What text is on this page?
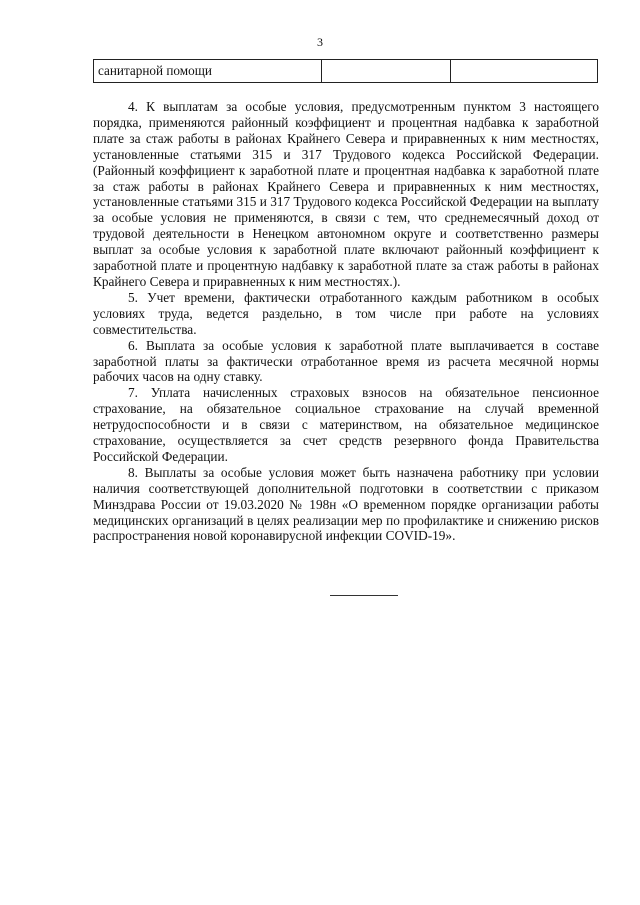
3
санитарной помощи		

4. К выплатам за особые условия, предусмотренным пунктом 3 настоящего порядка, применяются районный коэффициент и процентная надбавка к заработной плате за стаж работы в районах Крайнего Севера и приравненных к ним местностях, установленные статьями 315 и 317 Трудового кодекса Российской Федерации. (Районный коэффициент к заработной плате и процентная надбавка к заработной плате за стаж работы в районах Крайнего Севера и приравненных к ним местностях, установленные статьями 315 и 317 Трудового кодекса Российской Федерации на выплату за особые условия не применяются, в связи с тем, что среднемесячный доход от трудовой деятельности в Ненецком автономном округе и соответственно размеры выплат за особые условия к заработной плате включают районный коэффициент к заработной плате и процентную надбавку к заработной плате за стаж работы в районах Крайнего Севера и приравненных к ним местностях.).

5. Учет времени, фактически отработанного каждым работником в особых условиях труда, ведется раздельно, в том числе при работе на условиях совместительства.

6. Выплата за особые условия к заработной плате выплачивается в составе заработной платы за фактически отработанное время из расчета месячной нормы рабочих часов на одну ставку.

7. Уплата начисленных страховых взносов на обязательное пенсионное страхование, на обязательное социальное страхование на случай временной нетрудоспособности и в связи с материнством, на обязательное медицинское страхование, осуществляется за счет средств резервного фонда Правительства Российской Федерации.

8. Выплаты за особые условия может быть назначена работнику при условии наличия соответствующей дополнительной подготовки в соответствии с приказом Минздрава России от 19.03.2020 № 198н «О временном порядке организации работы медицинских организаций в целях реализации мер по профилактике и снижению рисков распространения новой коронавирусной инфекции COVID-19».
